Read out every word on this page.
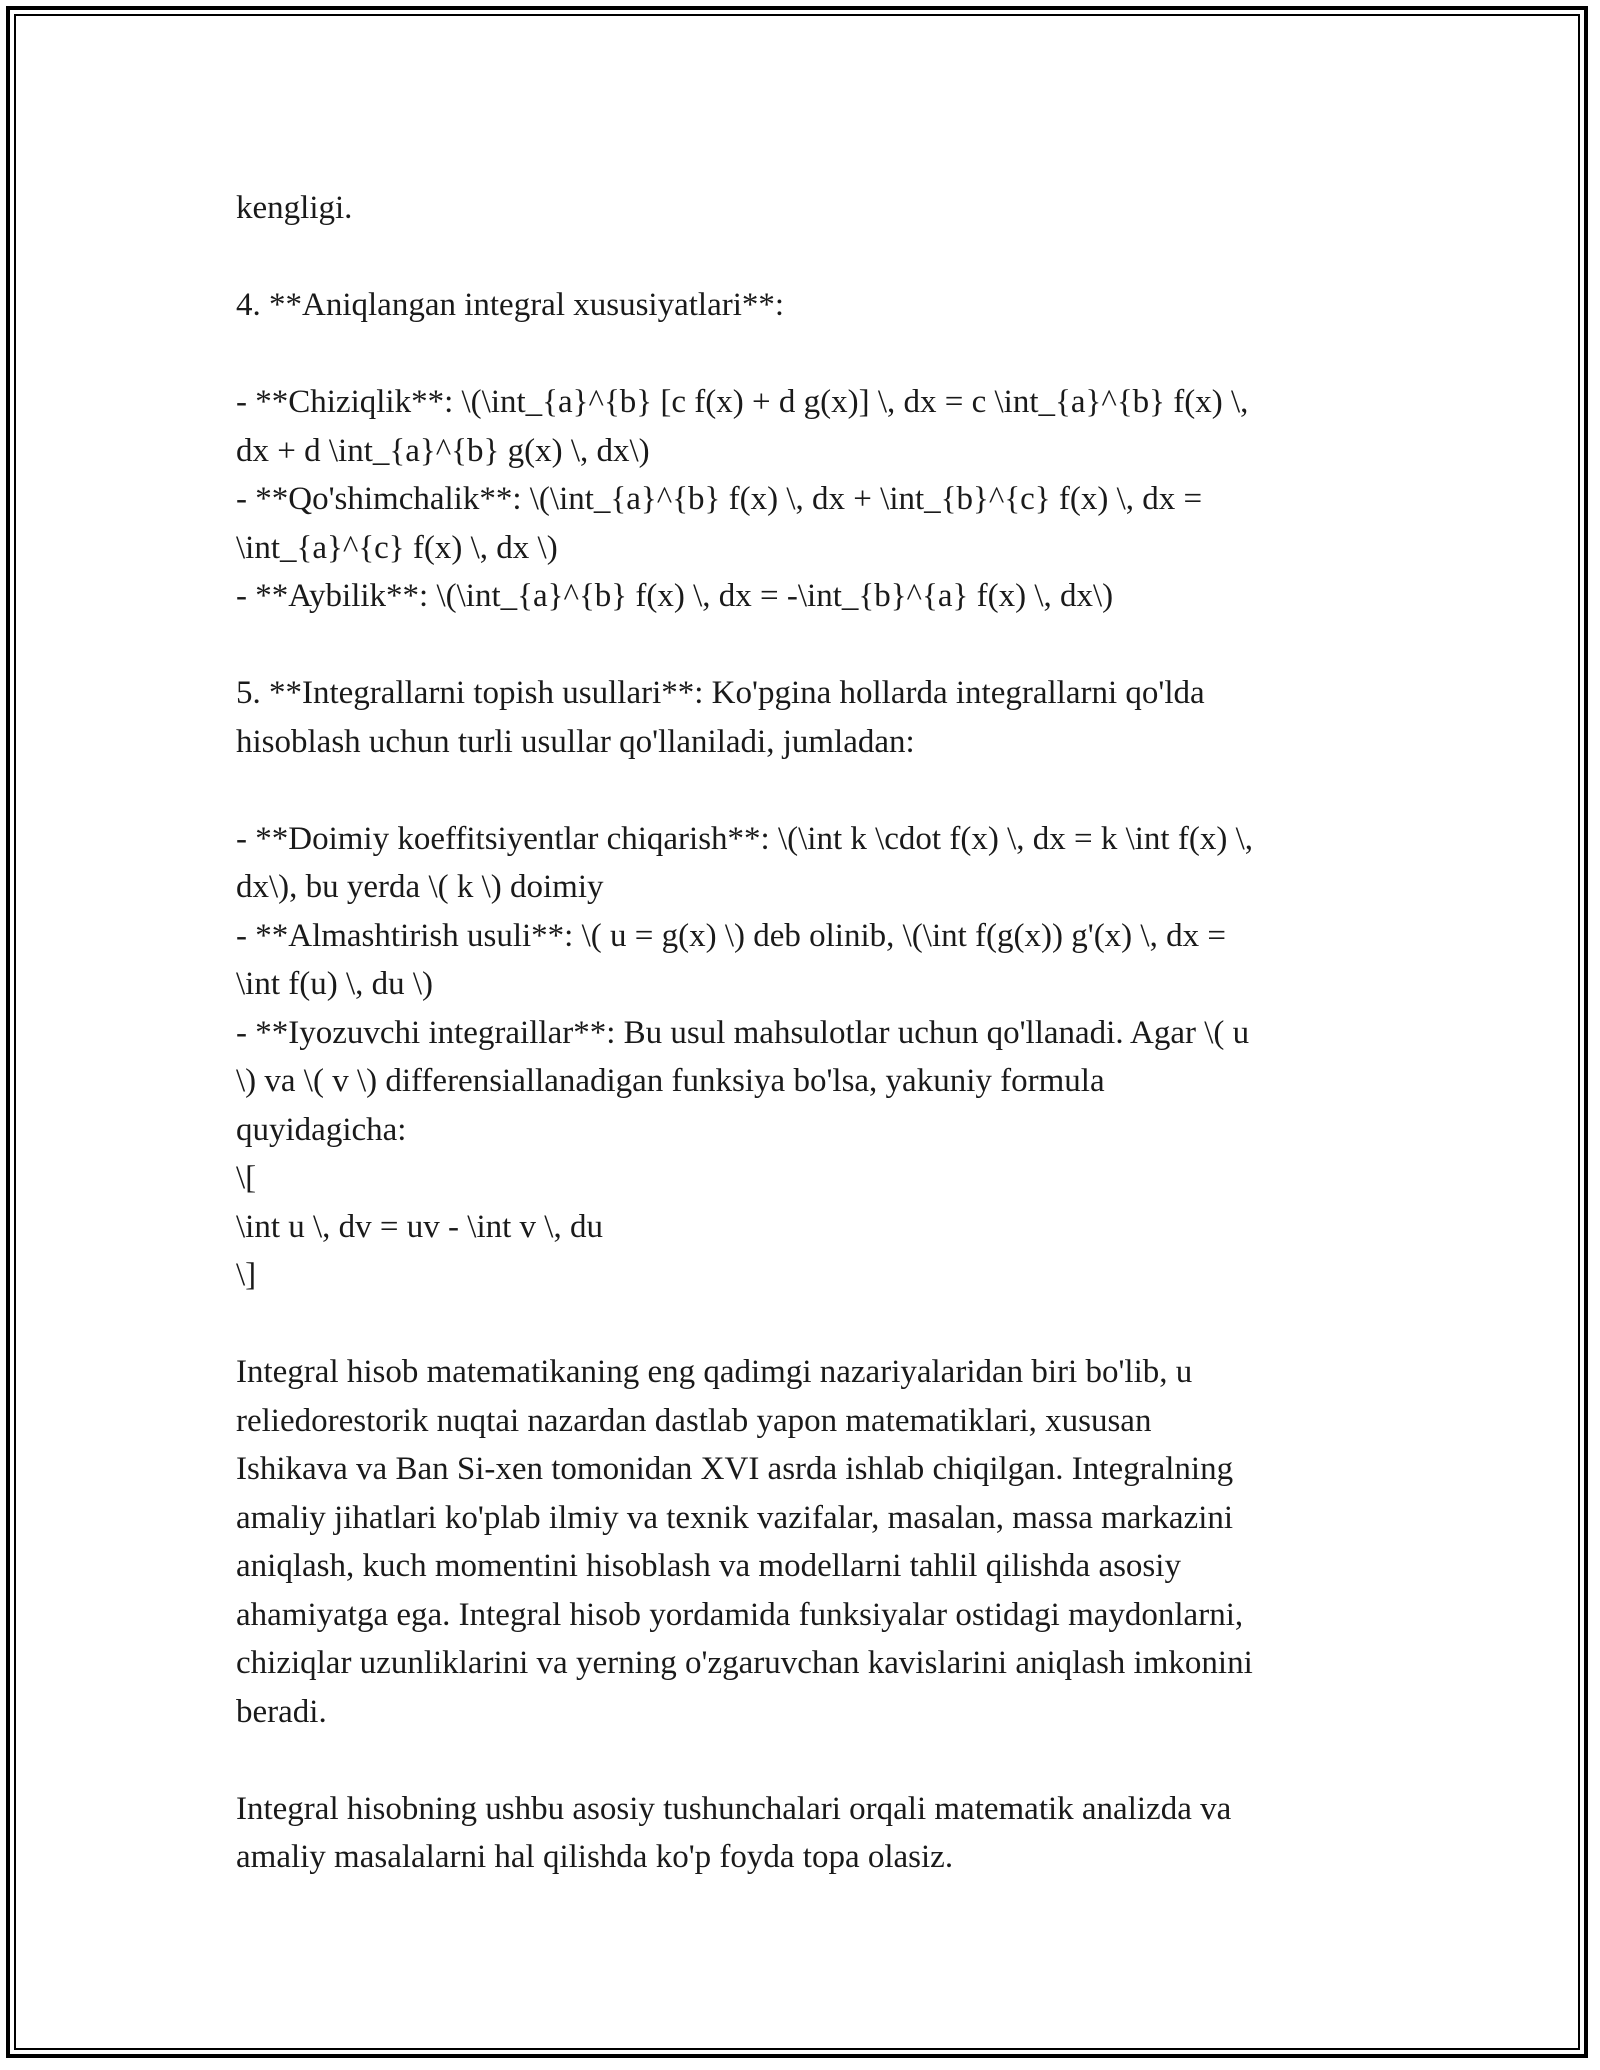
kengligi.
4. **Aniqlangan integral xususiyatlari**:
- **Chiziqlik**: \(\int_{a}^{b} [c f(x) + d g(x)] \, dx = c \int_{a}^{b} f(x) \,
dx + d \int_{a}^{b} g(x) \, dx\)
- **Qo'shimchalik**: \(\int_{a}^{b} f(x) \, dx + \int_{b}^{c} f(x) \, dx =
\int_{a}^{c} f(x) \, dx \)
- **Aybilik**: \(\int_{a}^{b} f(x) \, dx = -\int_{b}^{a} f(x) \, dx\)
5. **Integrallarni topish usullari**: Ko'pgina hollarda integrallarni qo'lda
hisoblash uchun turli usullar qo'llaniladi, jumladan:
- **Doimiy koeffitsiyentlar chiqarish**: \(\int k \cdot f(x) \, dx = k \int f(x) \,
dx\), bu yerda \( k \) doimiy
- **Almashtirish usuli**: \( u = g(x) \) deb olinib, \(\int f(g(x)) g'(x) \, dx =
\int f(u) \, du \)
- **Iyozuvchi integraillar**: Bu usul mahsulotlar uchun qo'llanadi. Agar \( u
\) va \( v \) differensiallanadigan funksiya bo'lsa, yakuniy formula
quyidagicha:
\[
\int u \, dv = uv - \int v \, du
\]
Integral hisob matematikaning eng qadimgi nazariyalaridan biri bo'lib, u
reliedorestorik nuqtai nazardan dastlab yapon matematiklari, xususan
Ishikava va Ban Si-xen tomonidan XVI asrda ishlab chiqilgan. Integralning
amaliy jihatlari ko'plab ilmiy va texnik vazifalar, masalan, massa markazini
aniqlash, kuch momentini hisoblash va modellarni tahlil qilishda asosiy
ahamiyatga ega. Integral hisob yordamida funksiyalar ostidagi maydonlarni,
chiziqlar uzunliklarini va yerning o'zgaruvchan kavislarini aniqlash imkonini
beradi.
Integral hisobning ushbu asosiy tushunchalari orqali matematik analizda va
amaliy masalalarni hal qilishda ko'p foyda topa olasiz.
